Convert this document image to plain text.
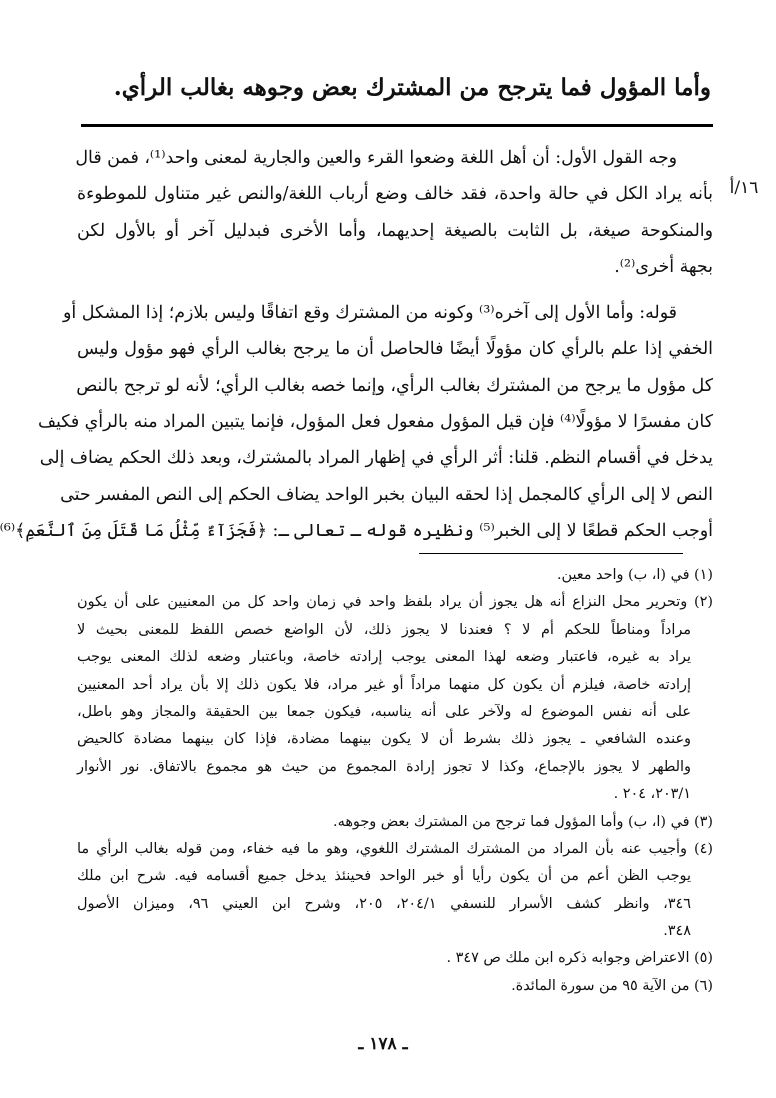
وأما المؤول فما يترجح من المشترك بعض وجوهه بغالب الرأي.
١٦/أ
وجه القول الأول: أن أهل اللغة وضعوا القرء والعين والجارية لمعنى واحد⁽¹⁾، فمن قال
بأنه يراد الكل في حالة واحدة، فقد خالف وضع أرباب اللغة/والنص غير متناول للموطوءة
والمنكوحة صيغة، بل الثابت بالصيغة إحديهما، وأما الأخرى فبدليل آخر أو بالأول لكن
بجهة أخرى⁽²⁾.
قوله: وأما الأول إلى آخره⁽³⁾ وكونه من المشترك وقع اتفاقًا وليس بلازم؛ إذا المشكل أو
الخفي إذا علم بالرأي كان مؤولًا أيضًا فالحاصل أن ما يرجح بغالب الرأي فهو مؤول وليس
كل مؤول ما يرجح من المشترك بغالب الرأي، وإنما خصه بغالب الرأي؛ لأنه لو ترجح بالنص
كان مفسرًا لا مؤولًا⁽⁴⁾ فإن قيل المؤول مفعول فعل المؤول، فإنما يتبين المراد منه بالرأي فكيف
يدخل في أقسام النظم. قلنا: أثر الرأي في إظهار المراد بالمشترك، وبعد ذلك الحكم يضاف إلى
النص لا إلى الرأي كالمجمل إذا لحقه البيان بخبر الواحد يضاف الحكم إلى النص المفسر حتى
أوجب الحكم قطعًا لا إلى الخبر⁽⁵⁾ ونظيره قوله ـ تعالى ـ: ﴿فَجَزَآءٌ مِّثْلُ مَا قَتَلَ مِنَ ٱلنَّعَمِ﴾⁽⁶⁾
(١) في (ا، ب) واحد معين.
(٢) وتحرير محل النزاع أنه هل يجوز أن يراد بلفظ واحد في زمان واحد كل من المعنيين على أن يكون
مراداً ومناطاً للحكم أم لا ؟ فعندنا لا يجوز ذلك، لأن الواضع خصص اللفظ للمعنى بحيث لا
يراد به غيره، فاعتبار وضعه لهذا المعنى يوجب إرادته خاصة، وباعتبار وضعه لذلك المعنى يوجب
إرادته خاصة، فيلزم أن يكون كل منهما مراداً أو غير مراد، فلا يكون ذلك إلا بأن يراد أحد المعنيين
على أنه نفس الموضوع له ولآخر على أنه يناسبه، فيكون جمعا بين الحقيقة والمجاز وهو باطل،
وعنده الشافعي ـ يجوز ذلك بشرط أن لا يكون بينهما مضادة، فإذا كان بينهما مضادة كالحيض
والطهر لا يجوز بالإجماع، وكذا لا تجوز إرادة المجموع من حيث هو مجموع بالاتفاق. نور الأنوار
٢٠٣/١، ٢٠٤ .
(٣) في (ا، ب) وأما المؤول فما ترجح من المشترك بعض وجوهه.
(٤) وأجيب عنه بأن المراد من المشترك المشترك اللغوي، وهو ما فيه خفاء، ومن قوله بغالب الرأي ما
يوجب الظن أعم من أن يكون رأيا أو خبر الواحد فحينئذ يدخل جميع أقسامه فيه. شرح ابن ملك
٣٤٦، وانظر كشف الأسرار للنسفي ٢٠٤/١، ٢٠٥، وشرح ابن العيني ٩٦، وميزان الأصول
٣٤٨.
(٥) الاعتراض وجوابه ذكره ابن ملك ص ٣٤٧ .
(٦) من الآية ٩٥ من سورة المائدة.
ـ ١٧٨ ـ
